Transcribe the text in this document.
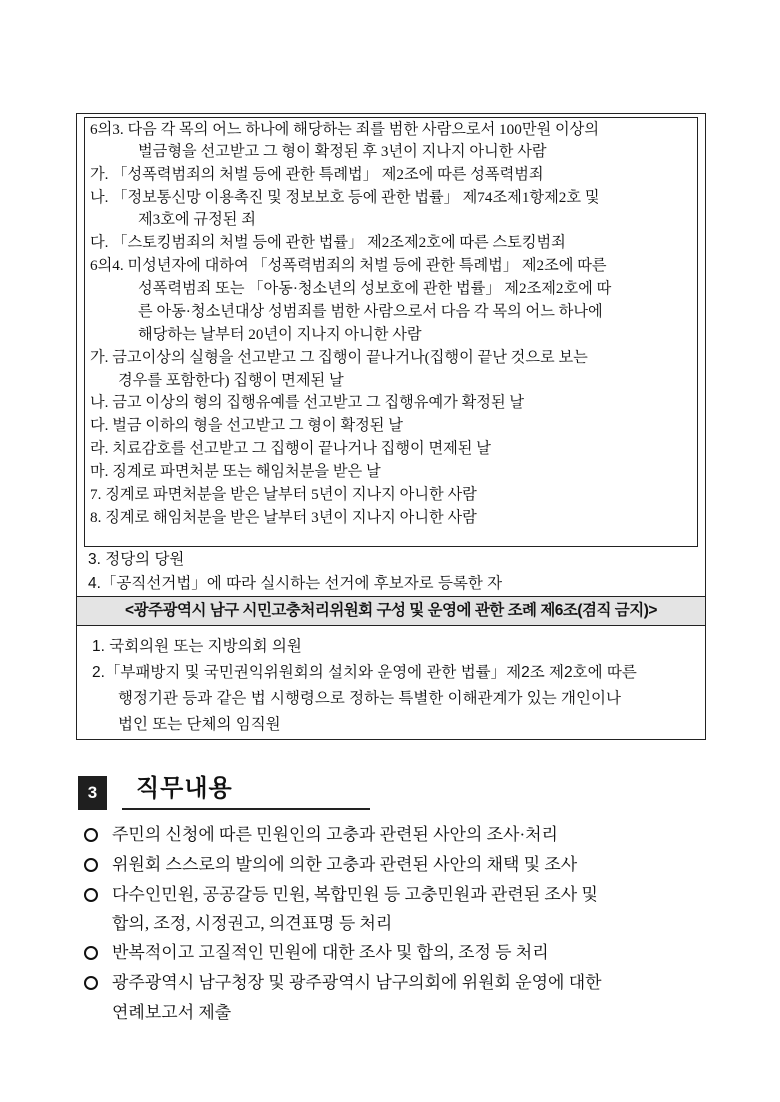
6의3. 다음 각 목의 어느 하나에 해당하는 죄를 범한 사람으로서 100만원 이상의
벌금형을 선고받고 그 형이 확정된 후 3년이 지나지 아니한 사람
가. 「성폭력범죄의 처벌 등에 관한 특례법」 제2조에 따른 성폭력범죄
나. 「정보통신망 이용촉진 및 정보보호 등에 관한 법률」 제74조제1항제2호 및
제3호에 규정된 죄
다. 「스토킹범죄의 처벌 등에 관한 법률」 제2조제2호에 따른 스토킹범죄
6의4. 미성년자에 대하여 「성폭력범죄의 처벌 등에 관한 특례법」 제2조에 따른
성폭력범죄 또는 「아동·청소년의 성보호에 관한 법률」 제2조제2호에 따
른 아동·청소년대상 성범죄를 범한 사람으로서 다음 각 목의 어느 하나에
해당하는 날부터 20년이 지나지 아니한 사람
가. 금고이상의 실형을 선고받고 그 집행이 끝나거나(집행이 끝난 것으로 보는
경우를 포함한다) 집행이 면제된 날
나. 금고 이상의 형의 집행유예를 선고받고 그 집행유예가 확정된 날
다. 벌금 이하의 형을 선고받고 그 형이 확정된 날
라. 치료감호를 선고받고 그 집행이 끝나거나 집행이 면제된 날
마. 징계로 파면처분 또는 해임처분을 받은 날
7. 징계로 파면처분을 받은 날부터 5년이 지나지 아니한 사람
8. 징계로 해임처분을 받은 날부터 3년이 지나지 아니한 사람
3. 정당의 당원
4.「공직선거법」에 따라 실시하는 선거에 후보자로 등록한 자
<광주광역시 남구 시민고충처리위원회 구성 및 운영에 관한 조례 제6조(겸직 금지)>
1. 국회의원 또는 지방의회 의원
2.「부패방지 및 국민권익위원회의 설치와 운영에 관한 법률」제2조 제2호에 따른
행정기관 등과 같은 법 시행령으로 정하는 특별한 이해관계가 있는 개인이나
법인 또는 단체의 임직원
3	직무내용
주민의 신청에 따른 민원인의 고충과 관련된 사안의 조사·처리
위원회 스스로의 발의에 의한 고충과 관련된 사안의 채택 및 조사
다수인민원, 공공갈등 민원, 복합민원 등 고충민원과 관련된 조사 및
합의, 조정, 시정권고, 의견표명 등 처리
반복적이고 고질적인 민원에 대한 조사 및 합의, 조정 등 처리
광주광역시 남구청장 및 광주광역시 남구의회에 위원회 운영에 대한
연례보고서 제출
